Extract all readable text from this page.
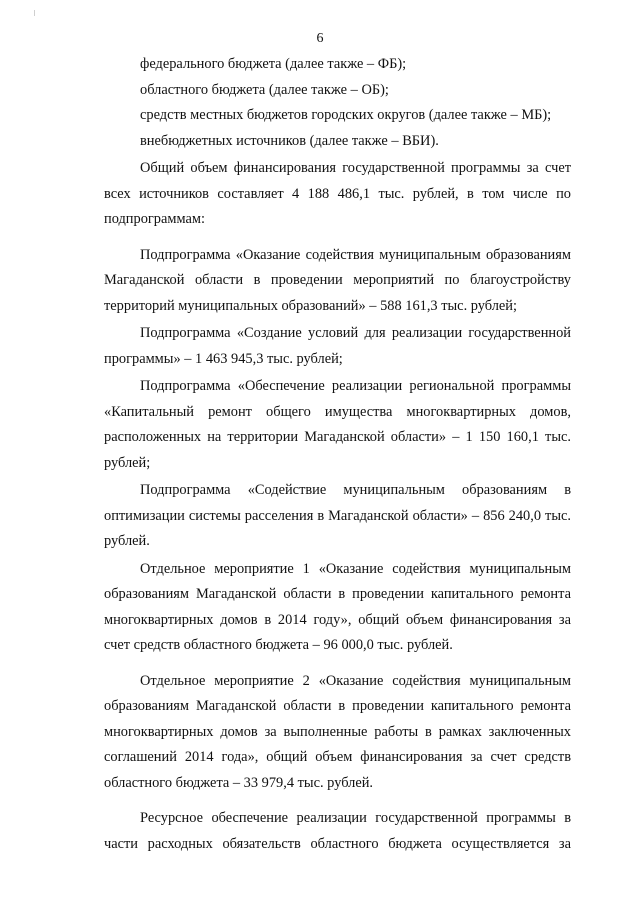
6

федерального бюджета (далее также – ФБ);

областного бюджета (далее также – ОБ);

средств местных бюджетов городских округов (далее также – МБ);

внебюджетных источников (далее также – ВБИ).

Общий объем финансирования государственной программы за счет всех источников составляет 4 188 486,1 тыс. рублей, в том числе по подпрограммам:

Подпрограмма «Оказание содействия муниципальным образованиям Магаданской области в проведении мероприятий по благоустройству территорий муниципальных образований» – 588 161,3 тыс. рублей;

Подпрограмма «Создание условий для реализации государственной программы» – 1 463 945,3 тыс. рублей;

Подпрограмма «Обеспечение реализации региональной программы «Капитальный ремонт общего имущества многоквартирных домов, расположенных на территории Магаданской области» – 1 150 160,1 тыс. рублей;

Подпрограмма «Содействие муниципальным образованиям в оптимизации системы расселения в Магаданской области» – 856 240,0 тыс. рублей.

Отдельное мероприятие 1 «Оказание содействия муниципальным образованиям Магаданской области в проведении капитального ремонта многоквартирных домов в 2014 году», общий объем финансирования за счет средств областного бюджета – 96 000,0 тыс. рублей.

Отдельное мероприятие 2 «Оказание содействия муниципальным образованиям Магаданской области в проведении капитального ремонта многоквартирных домов за выполненные работы в рамках заключенных соглашений 2014 года», общий объем финансирования за счет средств областного бюджета – 33 979,4 тыс. рублей.

Ресурсное обеспечение реализации государственной программы в части расходных обязательств областного бюджета осуществляется за
